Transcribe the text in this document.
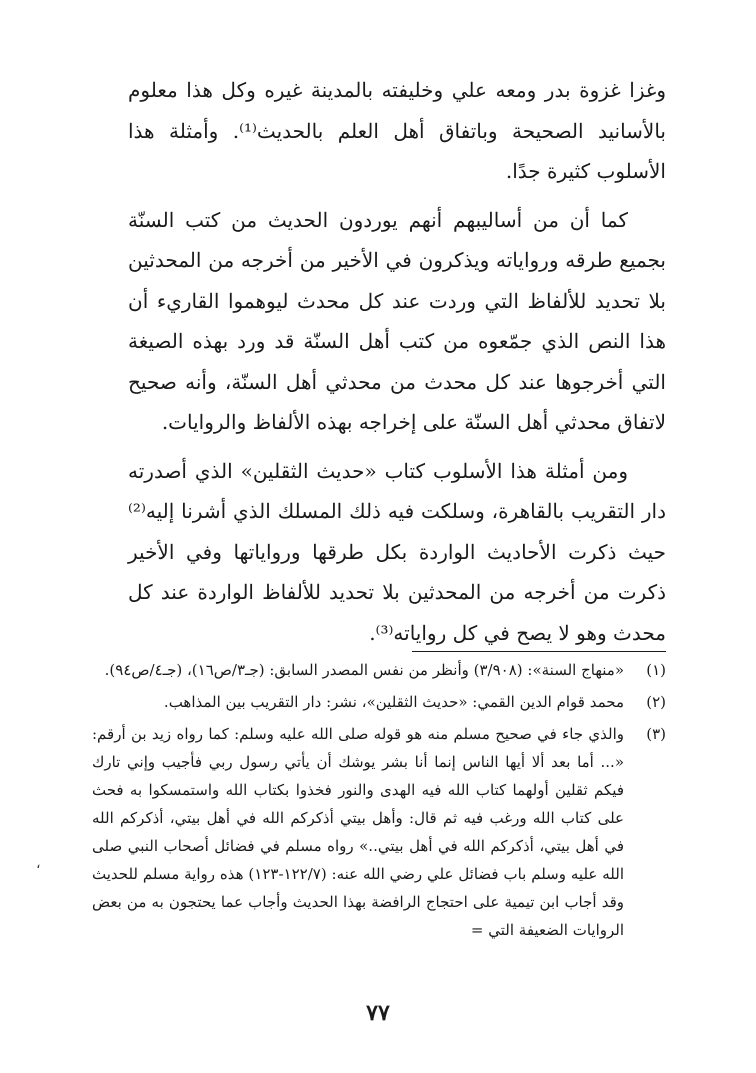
وغزا غزوة بدر ومعه علي وخليفته بالمدينة غيره وكل هذا معلوم بالأسانيد الصحيحة وباتفاق أهل العلم بالحديث⁽¹⁾. وأمثلة هذا الأسلوب كثيرة جدًا.

كما أن من أساليبهم أنهم يوردون الحديث من كتب السنّة بجميع طرقه ورواياته ويذكرون في الأخير من أخرجه من المحدثين بلا تحديد للألفاظ التي وردت عند كل محدث ليوهموا القاريء أن هذا النص الذي جمّعوه من كتب أهل السنّة قد ورد بهذه الصيغة التي أخرجوها عند كل محدث من محدثي أهل السنّة، وأنه صحيح لاتفاق محدثي أهل السنّة على إخراجه بهذه الألفاظ والروايات.

ومن أمثلة هذا الأسلوب كتاب «حديث الثقلين» الذي أصدرته دار التقريب بالقاهرة، وسلكت فيه ذلك المسلك الذي أشرنا إليه⁽²⁾ حيث ذكرت الأحاديث الواردة بكل طرقها ورواياتها وفي الأخير ذكرت من أخرجه من المحدثين بلا تحديد للألفاظ الواردة عند كل محدث وهو لا يصح في كل رواياته⁽³⁾.

(١)
«منهاج السنة»: (٣/٩٠٨) وأنظر من نفس المصدر السابق: (جـ٣/ص١٦)، (جـ٤/ص٩٤).
(٢)
محمد قوام الدين القمي: «حديث الثقلين»، نشر: دار التقريب بين المذاهب.
(٣)
والذي جاء في صحيح مسلم منه هو قوله صلى الله عليه وسلم: كما رواه زيد بن أرقم: «... أما بعد ألا أيها الناس إنما أنا بشر يوشك أن يأتي رسول ربي فأجيب وإني تارك فيكم ثقلين أولهما كتاب الله فيه الهدى والنور فخذوا بكتاب الله واستمسكوا به فحث على كتاب الله ورغب فيه ثم قال: وأهل بيتي أذكركم الله في أهل بيتي، أذكركم الله في أهل بيتي، أذكركم الله في أهل بيتي..» رواه مسلم في فضائل أصحاب النبي صلى الله عليه وسلم باب فضائل علي رضي الله عنه: (١٢٢/٧-١٢٣) هذه رواية مسلم للحديث وقد أجاب ابن تيمية على احتجاج الرافضة بهذا الحديث وأجاب عما يحتجون به من بعض الروايات الضعيفة التي =
،
٧٧
